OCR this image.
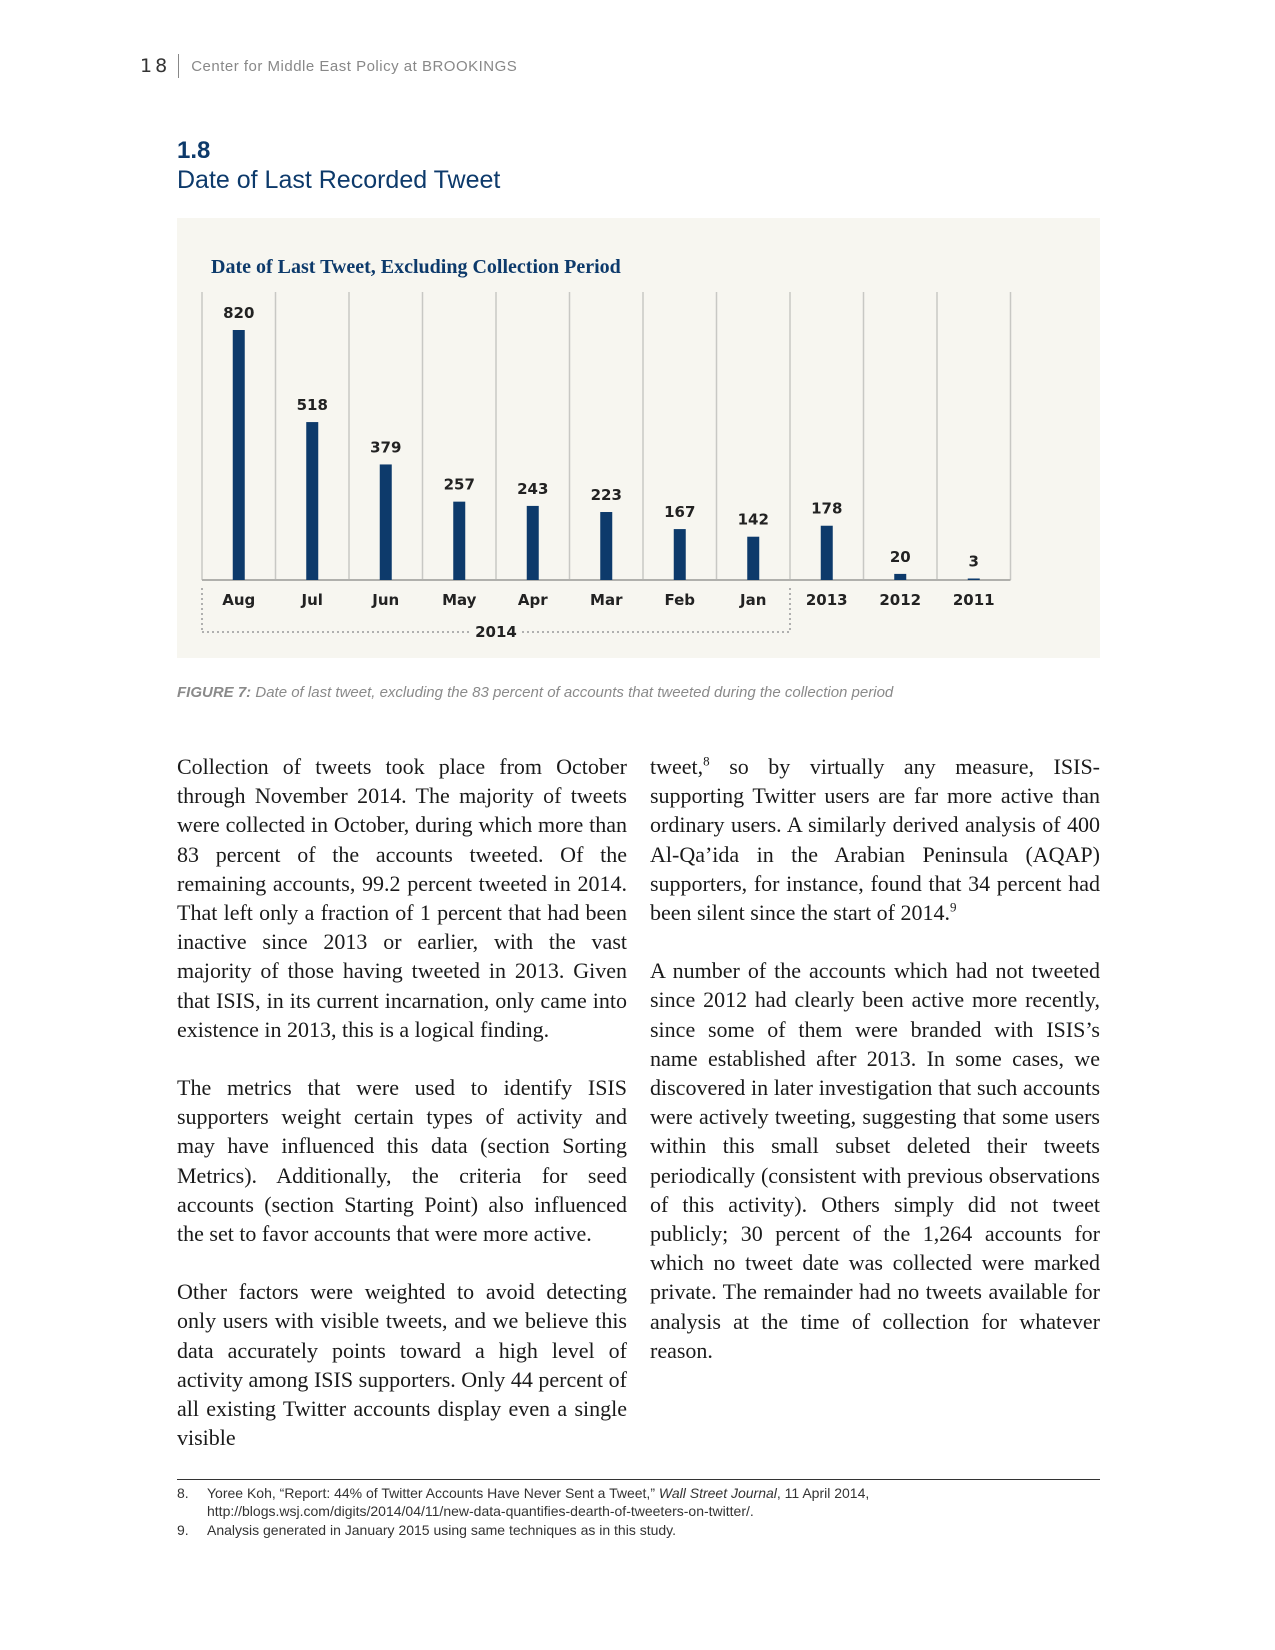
18 Center for Middle East Policy at BROOKINGS
1.8
Date of Last Recorded Tweet
820
Aug
518
Jul
379
Jun
257
May
243
Apr
223
Mar
167
Feb
142
Jan
178
2013
20
2012
3
2011
2014
Date of Last Tweet, Excluding Collection Period
FIGURE 7: Date of last tweet, excluding the 83 percent of accounts that tweeted during the collection period

Collection of tweets took place from October through November 2014. The majority of tweets were collected in October, during which more than 83 percent of the accounts tweeted. Of the remaining accounts, 99.2 percent tweeted in 2014. That left only a fraction of 1 percent that had been inactive since 2013 or earlier, with the vast majority of those having tweeted in 2013. Given that ISIS, in its current incarnation, only came into existence in 2013, this is a logical finding.

The metrics that were used to identify ISIS supporters weight certain types of activity and may have influenced this data (section Sorting Metrics). Additionally, the criteria for seed accounts (section Starting Point) also influenced the set to favor accounts that were more active.

Other factors were weighted to avoid detecting only users with visible tweets, and we believe this data accurately points toward a high level of activity among ISIS supporters. Only 44 percent of all existing Twitter accounts display even a single visible

tweet,$^8$ so by virtually any measure, ISIS-supporting Twitter users are far more active than ordinary users. A similarly derived analysis of 400 Al-Qa’ida in the Arabian Peninsula (AQAP) supporters, for instance, found that 34 percent had been silent since the start of 2014.$^9$

A number of the accounts which had not tweeted since 2012 had clearly been active more recently, since some of them were branded with ISIS’s name established after 2013. In some cases, we discovered in later investigation that such accounts were actively tweeting, suggesting that some users within this small subset deleted their tweets periodically (consistent with previous observations of this activity). Others simply did not tweet publicly; 30 percent of the 1,264 accounts for which no tweet date was collected were marked private. The remainder had no tweets available for analysis at the time of collection for whatever reason.

8.	Yoree Koh, “Report: 44% of Twitter Accounts Have Never Sent a Tweet,” Wall Street Journal, 11 April 2014, http://blogs.wsj.com/digits/2014/04/11/new-data-quantifies-dearth-of-tweeters-on-twitter/.
9.	Analysis generated in January 2015 using same techniques as in this study.
